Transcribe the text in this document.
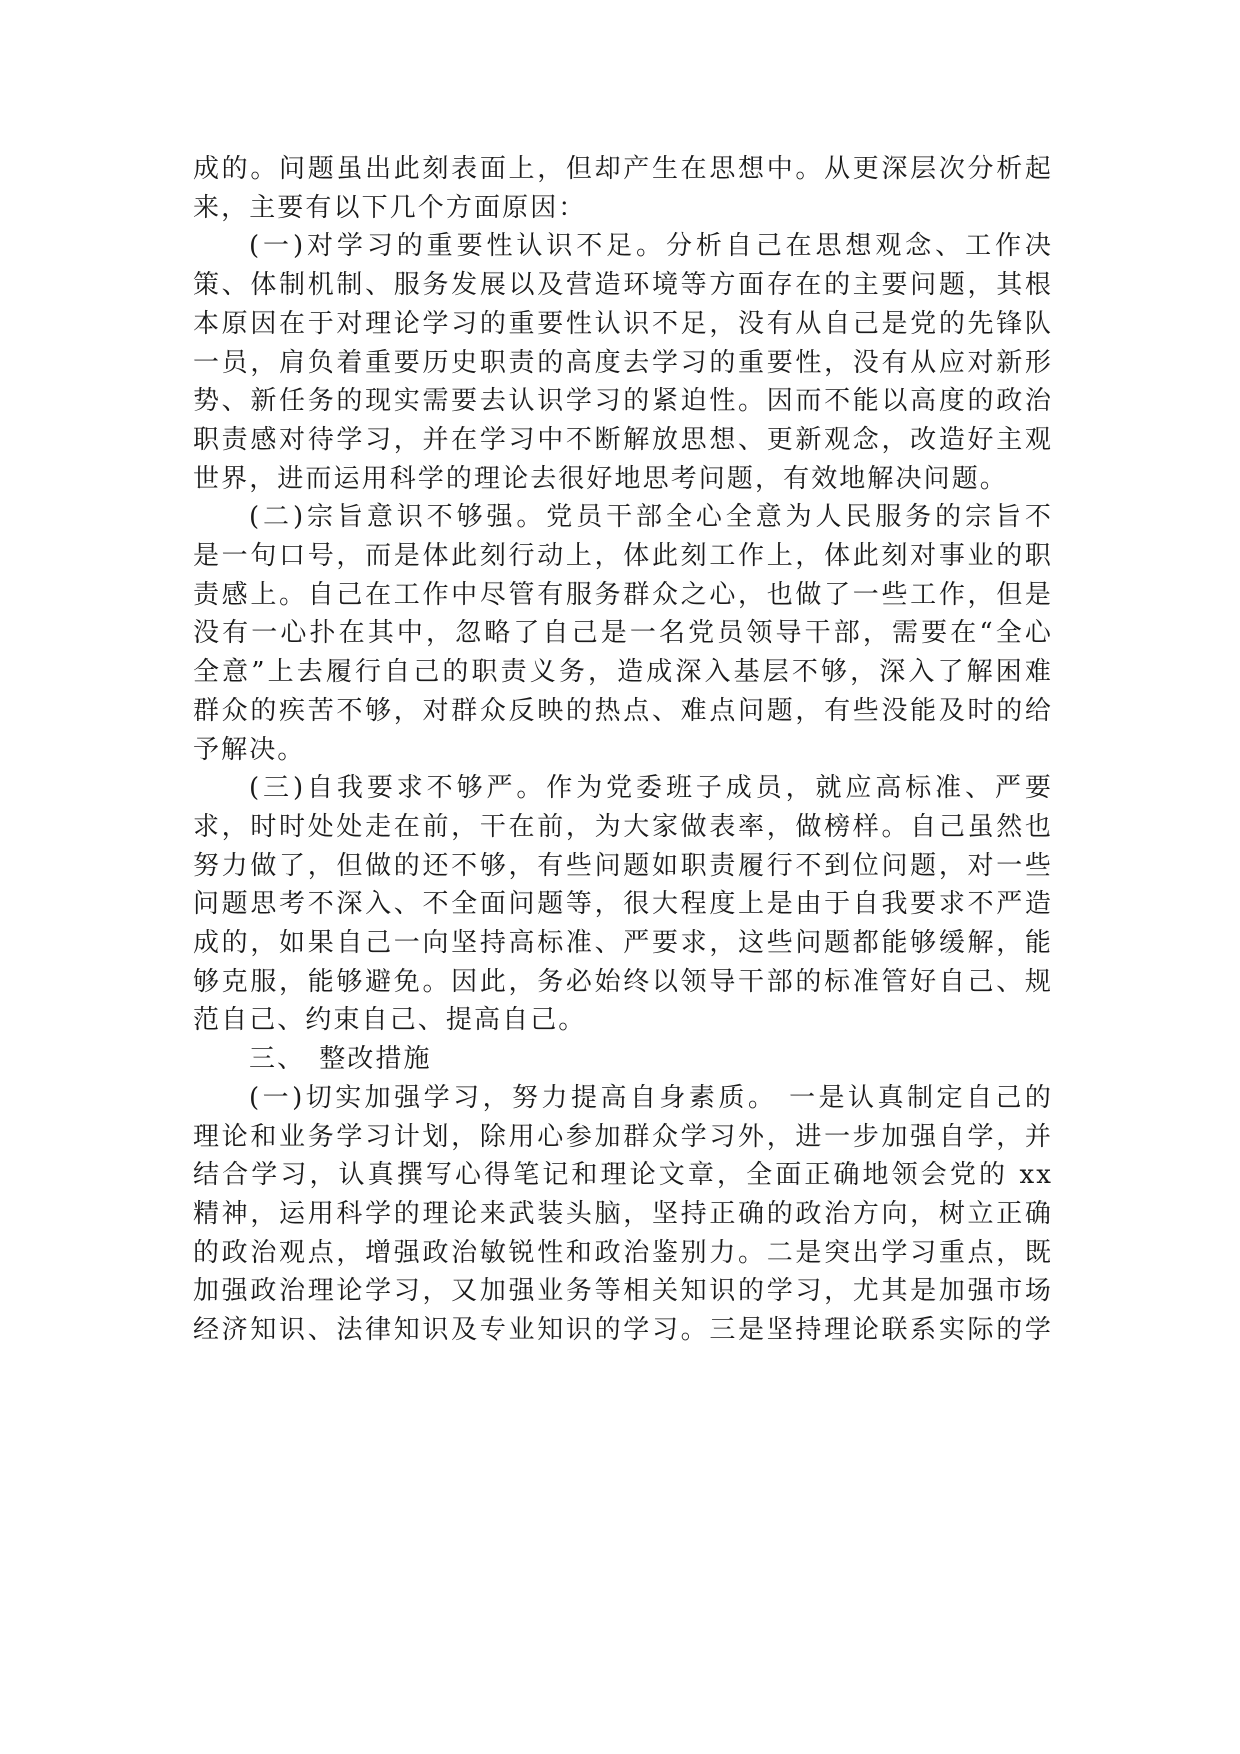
成的。问题虽出此刻表面上，但却产生在思想中。从更深层次分析起

来，主要有以下几个方面原因：

(一)对学习的重要性认识不足。分析自己在思想观念、工作决

策、体制机制、服务发展以及营造环境等方面存在的主要问题，其根

本原因在于对理论学习的重要性认识不足，没有从自己是党的先锋队

一员，肩负着重要历史职责的高度去学习的重要性，没有从应对新形

势、新任务的现实需要去认识学习的紧迫性。因而不能以高度的政治

职责感对待学习，并在学习中不断解放思想、更新观念，改造好主观

世界，进而运用科学的理论去很好地思考问题，有效地解决问题。

(二)宗旨意识不够强。党员干部全心全意为人民服务的宗旨不

是一句口号，而是体此刻行动上，体此刻工作上，体此刻对事业的职

责感上。自己在工作中尽管有服务群众之心，也做了一些工作，但是

没有一心扑在其中，忽略了自己是一名党员领导干部，需要在“全心

全意”上去履行自己的职责义务，造成深入基层不够，深入了解困难

群众的疾苦不够，对群众反映的热点、难点问题，有些没能及时的给

予解决。

(三)自我要求不够严。作为党委班子成员，就应高标准、严要

求，时时处处走在前，干在前，为大家做表率，做榜样。自己虽然也

努力做了，但做的还不够，有些问题如职责履行不到位问题，对一些

问题思考不深入、不全面问题等，很大程度上是由于自我要求不严造

成的，如果自己一向坚持高标准、严要求，这些问题都能够缓解，能

够克服，能够避免。因此，务必始终以领导干部的标准管好自己、规

范自己、约束自己、提高自己。

三、 整改措施

(一)切实加强学习，努力提高自身素质。 一是认真制定自己的

理论和业务学习计划，除用心参加群众学习外，进一步加强自学，并

结合学习，认真撰写心得笔记和理论文章，全面正确地领会党的 xx

精神，运用科学的理论来武装头脑，坚持正确的政治方向，树立正确

的政治观点，增强政治敏锐性和政治鉴别力。二是突出学习重点，既

加强政治理论学习，又加强业务等相关知识的学习，尤其是加强市场

经济知识、法律知识及专业知识的学习。三是坚持理论联系实际的学
